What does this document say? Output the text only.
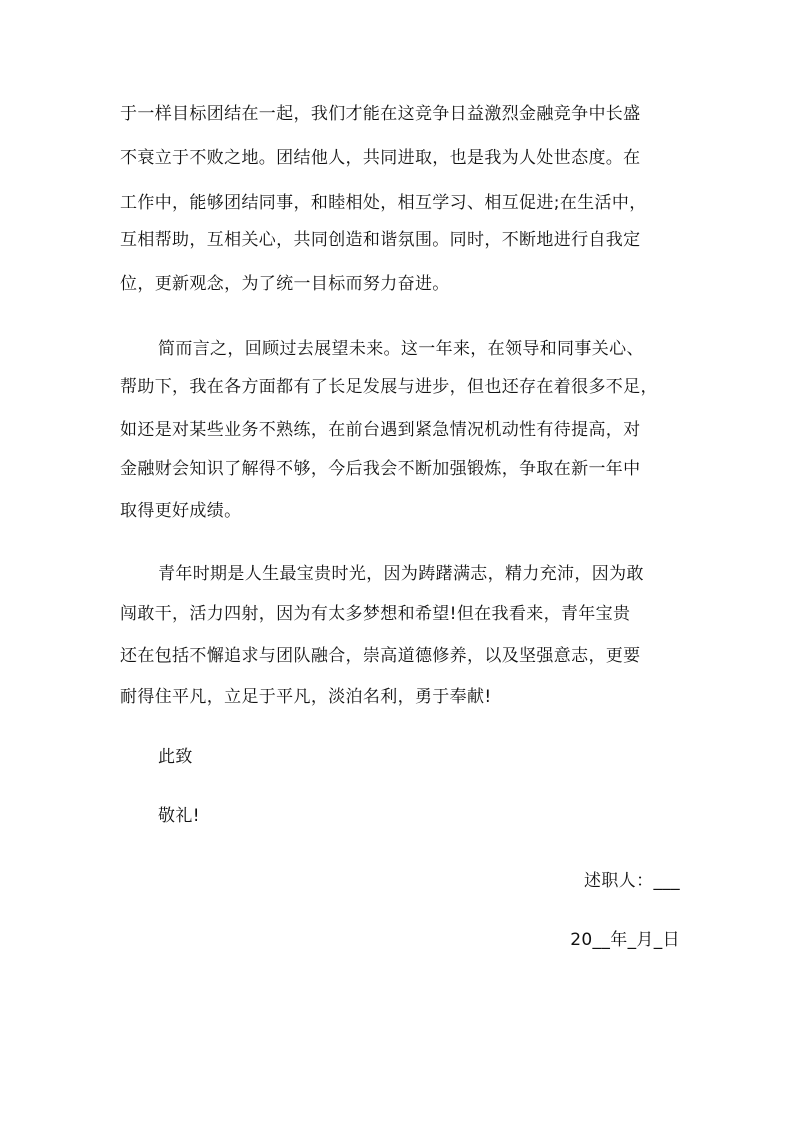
于一样目标团结在一起，我们才能在这竞争日益激烈金融竞争中长盛
不衰立于不败之地。团结他人，共同进取，也是我为人处世态度。在
工作中，能够团结同事，和睦相处，相互学习、相互促进;在生活中，
互相帮助，互相关心，共同创造和谐氛围。同时，不断地进行自我定
位，更新观念，为了统一目标而努力奋进。
简而言之，回顾过去展望未来。这一年来，在领导和同事关心、
帮助下，我在各方面都有了长足发展与进步，但也还存在着很多不足，
如还是对某些业务不熟练，在前台遇到紧急情况机动性有待提高，对
金融财会知识了解得不够，今后我会不断加强锻炼，争取在新一年中
取得更好成绩。
青年时期是人生最宝贵时光，因为踌躇满志，精力充沛，因为敢
闯敢干，活力四射，因为有太多梦想和希望!但在我看来，青年宝贵
还在包括不懈追求与团队融合，崇高道德修养，以及坚强意志，更要
耐得住平凡，立足于平凡，淡泊名利，勇于奉献!
此致
敬礼!
述职人：___
20__年_月_日
